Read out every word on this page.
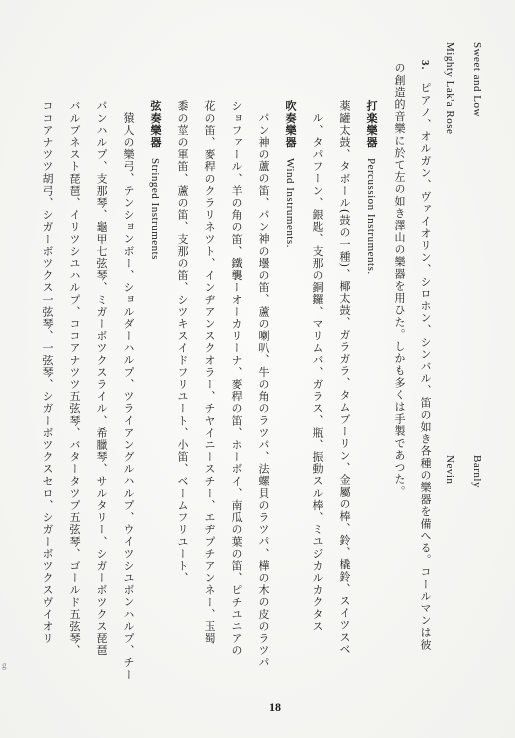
Sweet and Low
Barnly
Mighty Lak'a Rose
Nevin
3.
ピアノ、オルガン、ヴァイオリン、シロホン、シンバル、笛の如き各種の樂器を備へる。コールマンは彼
の創造的音樂に於て左の如き澤山の樂器を用ひた。しかも多くは手製であつた。
打楽樂器
Percussion Instruments.
薬罐太鼓、タボール(鼓の一種)、椰太鼓、ガラガラ、タムブーリン、金屬の棒、鈴、橇鈴、スイツスベ
ル、タパフーン、銀匙、支那の銅鑼、マリムバ、ガラス、瓶、振動スル棒、ミユジカルカクタス
吹奏樂器
Wind Instruments.
パン神の蘆の笛、パン神の壜の笛、蘆の喇叭、牛の角のラツパ、法螺貝のラツパ、樺の木の皮のラツパ
ショファール、羊の角の笛、鐵襲ーオーカリーナ、麥稈の笛、ホーボイ、南瓜の葉の笛、ピチユニアの
花の笛、麥稈のクラリネツト、インヂアンスクオラー、チヤイニースチー、エヂプチアンネー、玉蜀
黍の莖の軍笛、蘆の笛、支那の笛、シツキスイドフリユート、小笛、ベームフリユート、
弦奏樂器
Stringed Instruments
猿人の樂弓、テンションボー、ショルダーハルプ、ツライアングルハルプ、ウイツシユボンハルプ、チー
パンハルプ、支那琴、龜甲七弦琴、ミガーボツクスライル、希臘琴、サルタリー、シガーボツクス琵琶
バルブネスト琵琶、イリツシユハルプ、ココアナツツ五弦琴、バタータツプ五弦琴、ゴールド五弦琴、
ココアナツツ胡弓、シガーボツクス一弦琴、一弦琴、シガーボツクスセロ、シガーボツクスヴイオリ
g
18
